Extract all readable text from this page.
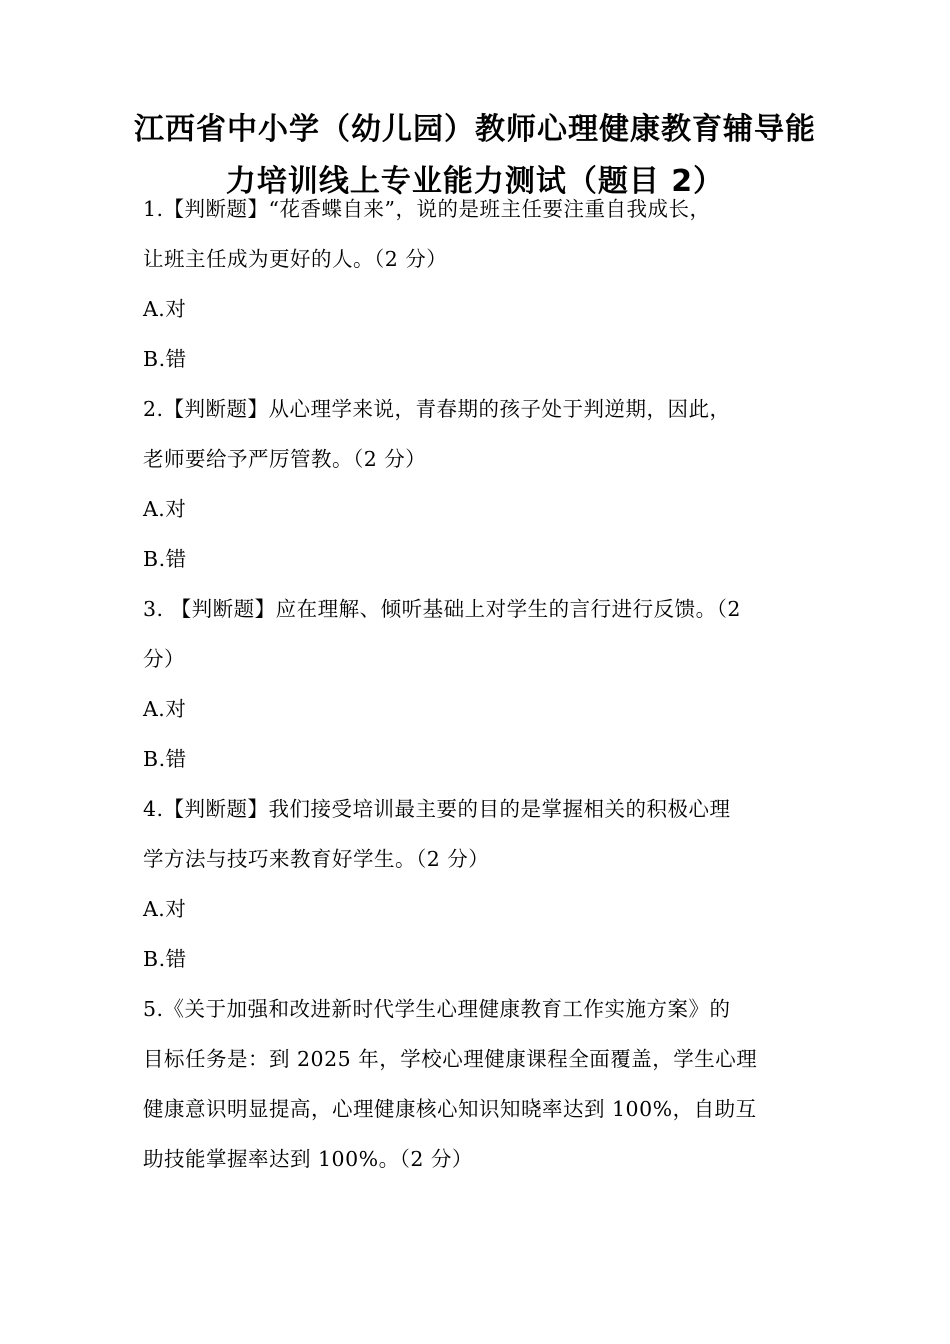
江西省中小学（幼儿园）教师心理健康教育辅导能
力培训线上专业能力测试（题目 2）
1.【判断题】“花香蝶自来”，说的是班主任要注重自我成长，
让班主任成为更好的人。（2 分）
A.对
B.错
2.【判断题】从心理学来说，青春期的孩子处于判逆期，因此，
老师要给予严厉管教。（2 分）
A.对
B.错
3. 【判断题】应在理解、倾听基础上对学生的言行进行反馈。（2
分）
A.对
B.错
4.【判断题】我们接受培训最主要的目的是掌握相关的积极心理
学方法与技巧来教育好学生。（2 分）
A.对
B.错
5.《关于加强和改进新时代学生心理健康教育工作实施方案》的
目标任务是：到 2025 年，学校心理健康课程全面覆盖，学生心理
健康意识明显提高，心理健康核心知识知晓率达到 100%，自助互
助技能掌握率达到 100%。（2 分）
